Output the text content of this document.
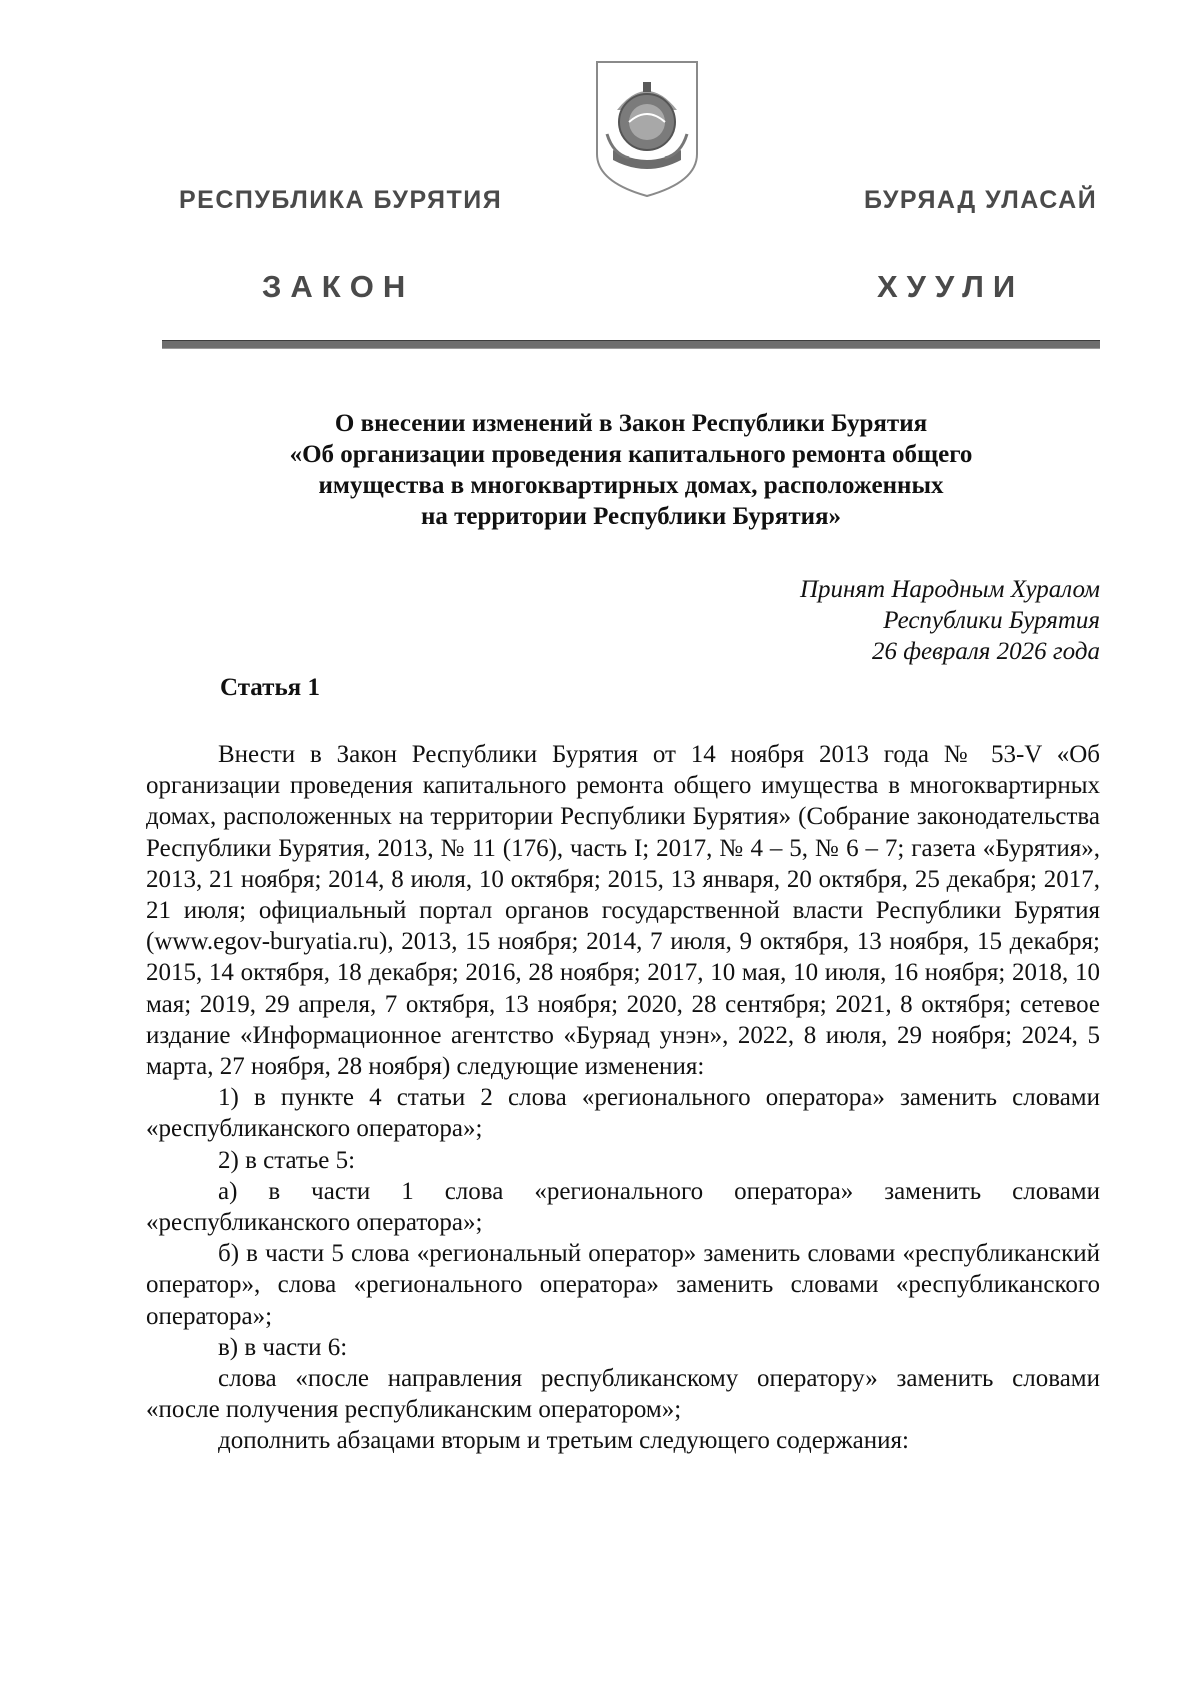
РЕСПУБЛИКА БУРЯТИЯ	БУРЯАД УЛАСАЙ
ЗАКОН	ХУУЛИ
О внесении изменений в Закон Республики Бурятия
«Об организации проведения капитального ремонта общего
имущества в многоквартирных домах, расположенных
на территории Республики Бурятия»
Принят Народным Хуралом
Республики Бурятия
26 февраля 2026 года
Статья 1

Внести в Закон Республики Бурятия от 14 ноября 2013 года № 53-V «Об организации проведения капитального ремонта общего имущества в многоквартирных домах, расположенных на территории Республики Бурятия» (Собрание законодательства Республики Бурятия, 2013, № 11 (176), часть I; 2017, № 4 – 5, № 6 – 7; газета «Бурятия», 2013, 21 ноября; 2014, 8 июля, 10 октября; 2015, 13 января, 20 октября, 25 декабря; 2017, 21 июля; официальный портал органов государственной власти Республики Бурятия (www.egov-buryatia.ru), 2013, 15 ноября; 2014, 7 июля, 9 октября, 13 ноября, 15 декабря; 2015, 14 октября, 18 декабря; 2016, 28 ноября; 2017, 10 мая, 10 июля, 16 ноября; 2018, 10 мая; 2019, 29 апреля, 7 октября, 13 ноября; 2020, 28 сентября; 2021, 8 октября; сетевое издание «Информационное агентство «Буряад унэн», 2022, 8 июля, 29 ноября; 2024, 5 марта, 27 ноября, 28 ноября) следующие изменения:

1) в пункте 4 статьи 2 слова «регионального оператора» заменить словами «республиканского оператора»;

2) в статье 5:

а) в части 1 слова «регионального оператора» заменить словами «республиканского оператора»;

б) в части 5 слова «региональный оператор» заменить словами «республиканский оператор», слова «регионального оператора» заменить словами «республиканского оператора»;

в) в части 6:

слова «после направления республиканскому оператору» заменить словами «после получения республиканским оператором»;

дополнить абзацами вторым и третьим следующего содержания:
